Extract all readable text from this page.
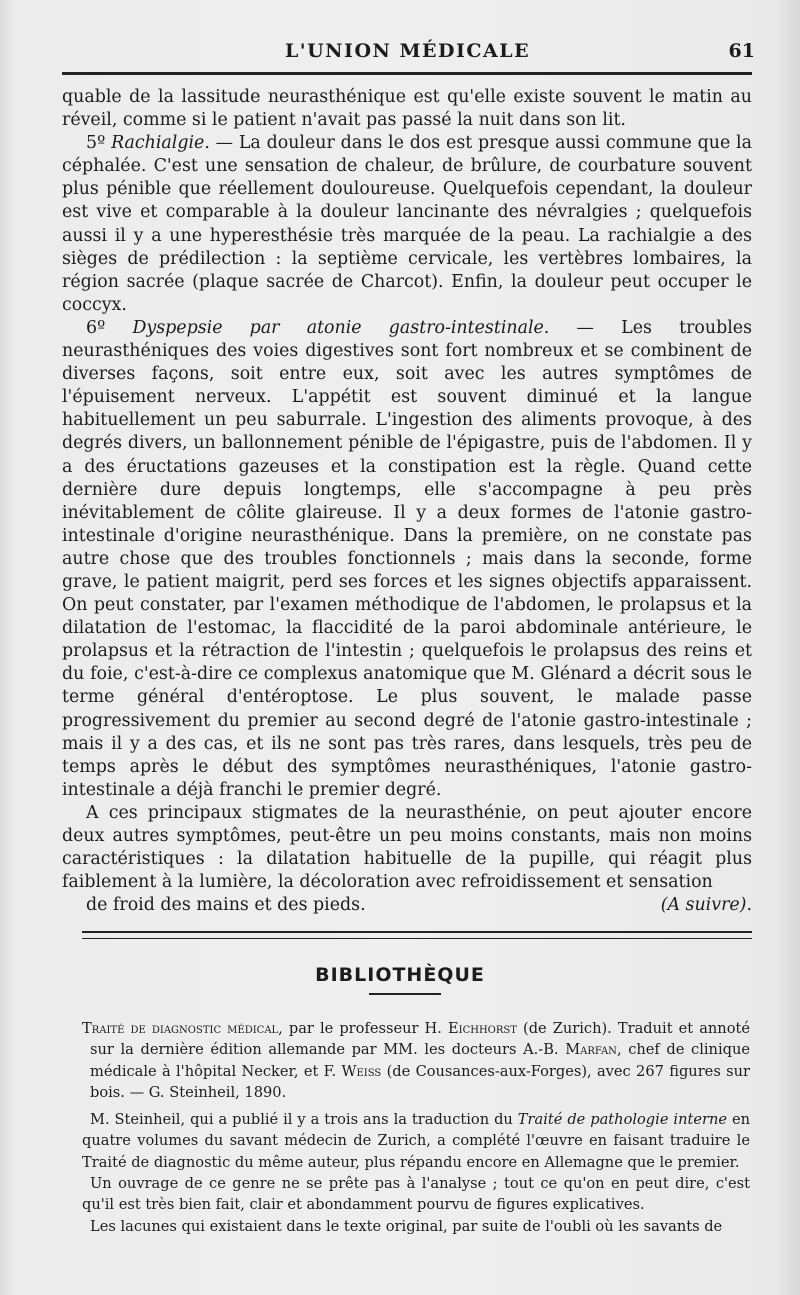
L'UNION MÉDICALE	61

quable de la lassitude neurasthénique est qu'elle existe souvent le matin au réveil, comme si le patient n'avait pas passé la nuit dans son lit.

5º Rachialgie. — La douleur dans le dos est presque aussi commune que la céphalée. C'est une sensation de chaleur, de brûlure, de courbature souvent plus pénible que réellement douloureuse. Quelquefois cependant, la douleur est vive et comparable à la douleur lancinante des névralgies ; quelquefois aussi il y a une hyperesthésie très marquée de la peau. La rachialgie a des sièges de prédilection : la septième cervicale, les vertèbres lombaires, la région sacrée (plaque sacrée de Charcot). Enfin, la douleur peut occuper le coccyx.

6º Dyspepsie par atonie gastro-intestinale. — Les troubles neurasthéniques des voies digestives sont fort nombreux et se combinent de diverses façons, soit entre eux, soit avec les autres symptômes de l'épuisement nerveux. L'appétit est souvent diminué et la langue habituellement un peu saburrale. L'ingestion des aliments provoque, à des degrés divers, un ballonnement pénible de l'épigastre, puis de l'abdomen. Il y a des éructations gazeuses et la constipation est la règle. Quand cette dernière dure depuis longtemps, elle s'accompagne à peu près inévitablement de côlite glaireuse. Il y a deux formes de l'atonie gastro-intestinale d'origine neurasthénique. Dans la première, on ne constate pas autre chose que des troubles fonctionnels ; mais dans la seconde, forme grave, le patient maigrit, perd ses forces et les signes objectifs apparaissent. On peut constater, par l'examen méthodique de l'abdomen, le prolapsus et la dilatation de l'estomac, la flaccidité de la paroi abdominale antérieure, le prolapsus et la rétraction de l'intestin ; quelquefois le prolapsus des reins et du foie, c'est-à-dire ce complexus anatomique que M. Glénard a décrit sous le terme général d'entéroptose. Le plus souvent, le malade passe progressivement du premier au second degré de l'atonie gastro-intestinale ; mais il y a des cas, et ils ne sont pas très rares, dans lesquels, très peu de temps après le début des symptômes neurasthéniques, l'atonie gastro-intestinale a déjà franchi le premier degré.

A ces principaux stigmates de la neurasthénie, on peut ajouter encore deux autres symptômes, peut-être un peu moins constants, mais non moins caractéristiques : la dilatation habituelle de la pupille, qui réagit plus faiblement à la lumière, la décoloration avec refroidissement et sensation
de froid des mains et des pieds.	(A suivre).

BIBLIOTHÈQUE

Traité de diagnostic médical, par le professeur H. Eichhorst (de Zurich). Traduit et annoté sur la dernière édition allemande par MM. les docteurs A.-B. Marfan, chef de clinique médicale à l'hôpital Necker, et F. Weiss (de Cousances-aux-Forges), avec 267 figures sur bois. — G. Steinheil, 1890.

M. Steinheil, qui a publié il y a trois ans la traduction du Traité de pathologie interne en quatre volumes du savant médecin de Zurich, a complété l'œuvre en faisant traduire le Traité de diagnostic du même auteur, plus répandu encore en Allemagne que le premier.

Un ouvrage de ce genre ne se prête pas à l'analyse ; tout ce qu'on en peut dire, c'est qu'il est très bien fait, clair et abondamment pourvu de figures explicatives.

Les lacunes qui existaient dans le texte original, par suite de l'oubli où les savants de
